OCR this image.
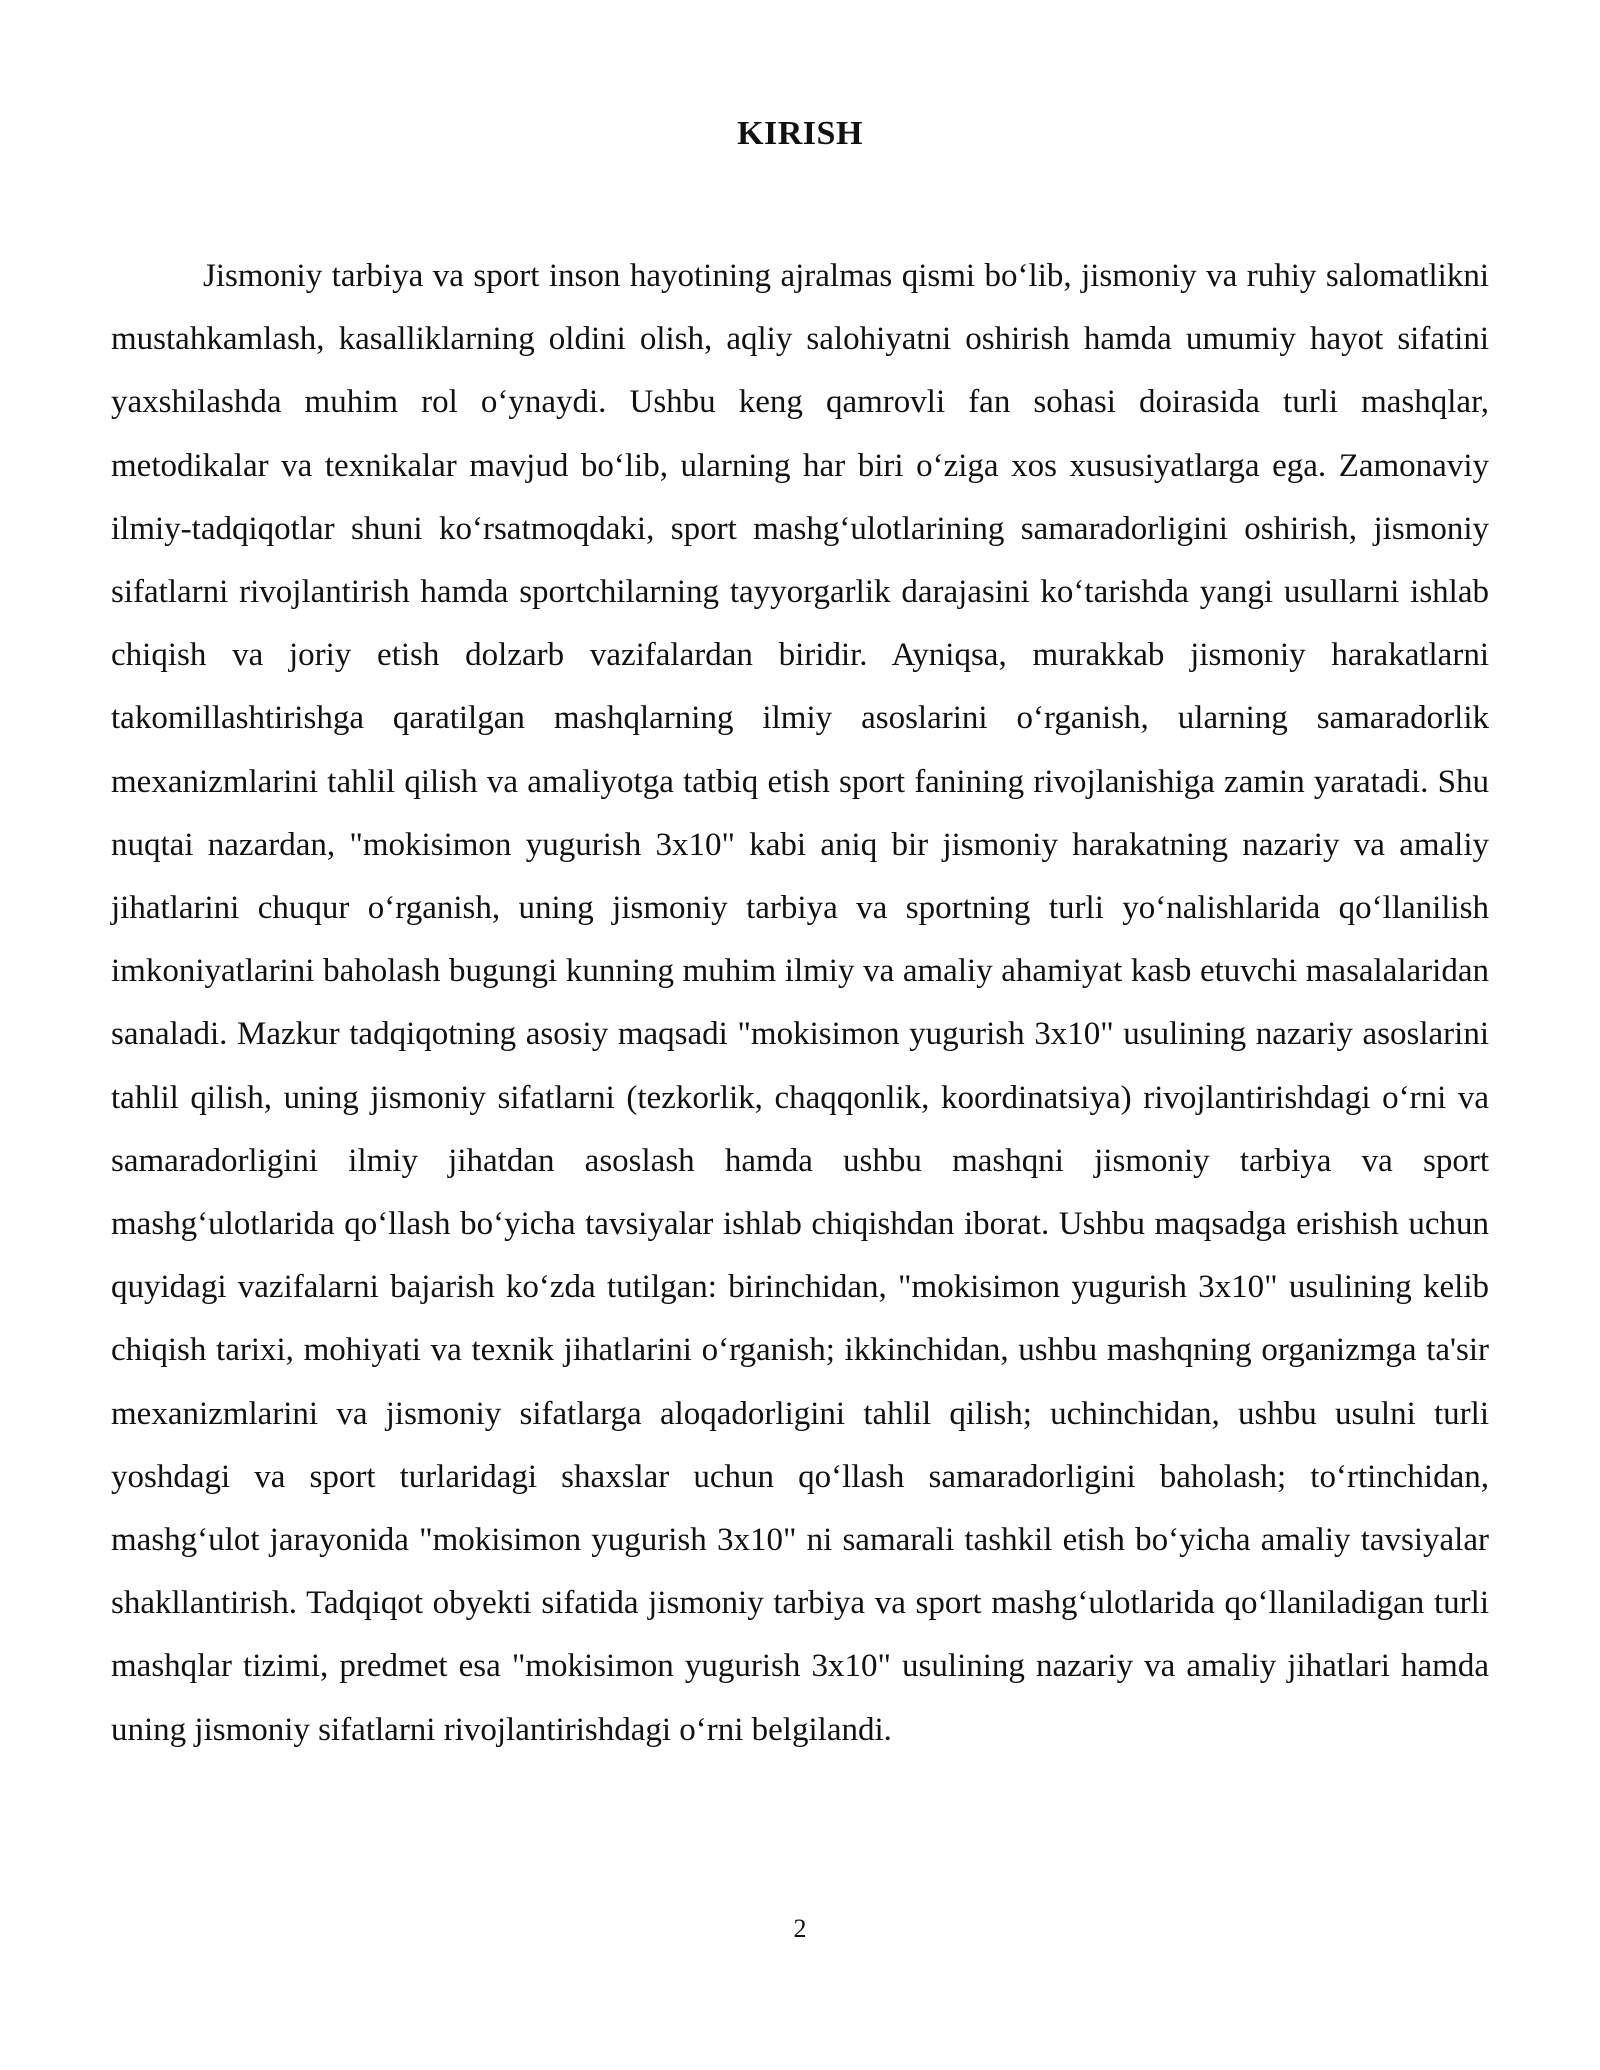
KIRISH

Jismoniy tarbiya va sport inson hayotining ajralmas qismi bo‘lib, jismoniy va ruhiy salomatlikni mustahkamlash, kasalliklarning oldini olish, aqliy salohiyatni oshirish hamda umumiy hayot sifatini yaxshilashda muhim rol o‘ynaydi. Ushbu keng qamrovli fan sohasi doirasida turli mashqlar, metodikalar va texnikalar mavjud bo‘lib, ularning har biri o‘ziga xos xususiyatlarga ega. Zamonaviy ilmiy-tadqiqotlar shuni ko‘rsatmoqdaki, sport mashg‘ulotlarining samaradorligini oshirish, jismoniy sifatlarni rivojlantirish hamda sportchilarning tayyorgarlik darajasini ko‘tarishda yangi usullarni ishlab chiqish va joriy etish dolzarb vazifalardan biridir. Ayniqsa, murakkab jismoniy harakatlarni takomillashtirishga qaratilgan mashqlarning ilmiy asoslarini o‘rganish, ularning samaradorlik mexanizmlarini tahlil qilish va amaliyotga tatbiq etish sport fanining rivojlanishiga zamin yaratadi. Shu nuqtai nazardan, "mokisimon yugurish 3x10" kabi aniq bir jismoniy harakatning nazariy va amaliy jihatlarini chuqur o‘rganish, uning jismoniy tarbiya va sportning turli yo‘nalishlarida qo‘llanilish imkoniyatlarini baholash bugungi kunning muhim ilmiy va amaliy ahamiyat kasb etuvchi masalalaridan sanaladi. Mazkur tadqiqotning asosiy maqsadi "mokisimon yugurish 3x10" usulining nazariy asoslarini tahlil qilish, uning jismoniy sifatlarni (tezkorlik, chaqqonlik, koordinatsiya) rivojlantirishdagi o‘rni va samaradorligini ilmiy jihatdan asoslash hamda ushbu mashqni jismoniy tarbiya va sport mashg‘ulotlarida qo‘llash bo‘yicha tavsiyalar ishlab chiqishdan iborat. Ushbu maqsadga erishish uchun quyidagi vazifalarni bajarish ko‘zda tutilgan: birinchidan, "mokisimon yugurish 3x10" usulining kelib chiqish tarixi, mohiyati va texnik jihatlarini o‘rganish; ikkinchidan, ushbu mashqning organizmga ta'sir mexanizmlarini va jismoniy sifatlarga aloqadorligini tahlil qilish; uchinchidan, ushbu usulni turli yoshdagi va sport turlaridagi shaxslar uchun qo‘llash samaradorligini baholash; to‘rtinchidan, mashg‘ulot jarayonida "mokisimon yugurish 3x10" ni samarali tashkil etish bo‘yicha amaliy tavsiyalar shakllantirish. Tadqiqot obyekti sifatida jismoniy tarbiya va sport mashg‘ulotlarida qo‘llaniladigan turli mashqlar tizimi, predmet esa "mokisimon yugurish 3x10" usulining nazariy va amaliy jihatlari hamda uning jismoniy sifatlarni rivojlantirishdagi o‘rni belgilandi.

2
